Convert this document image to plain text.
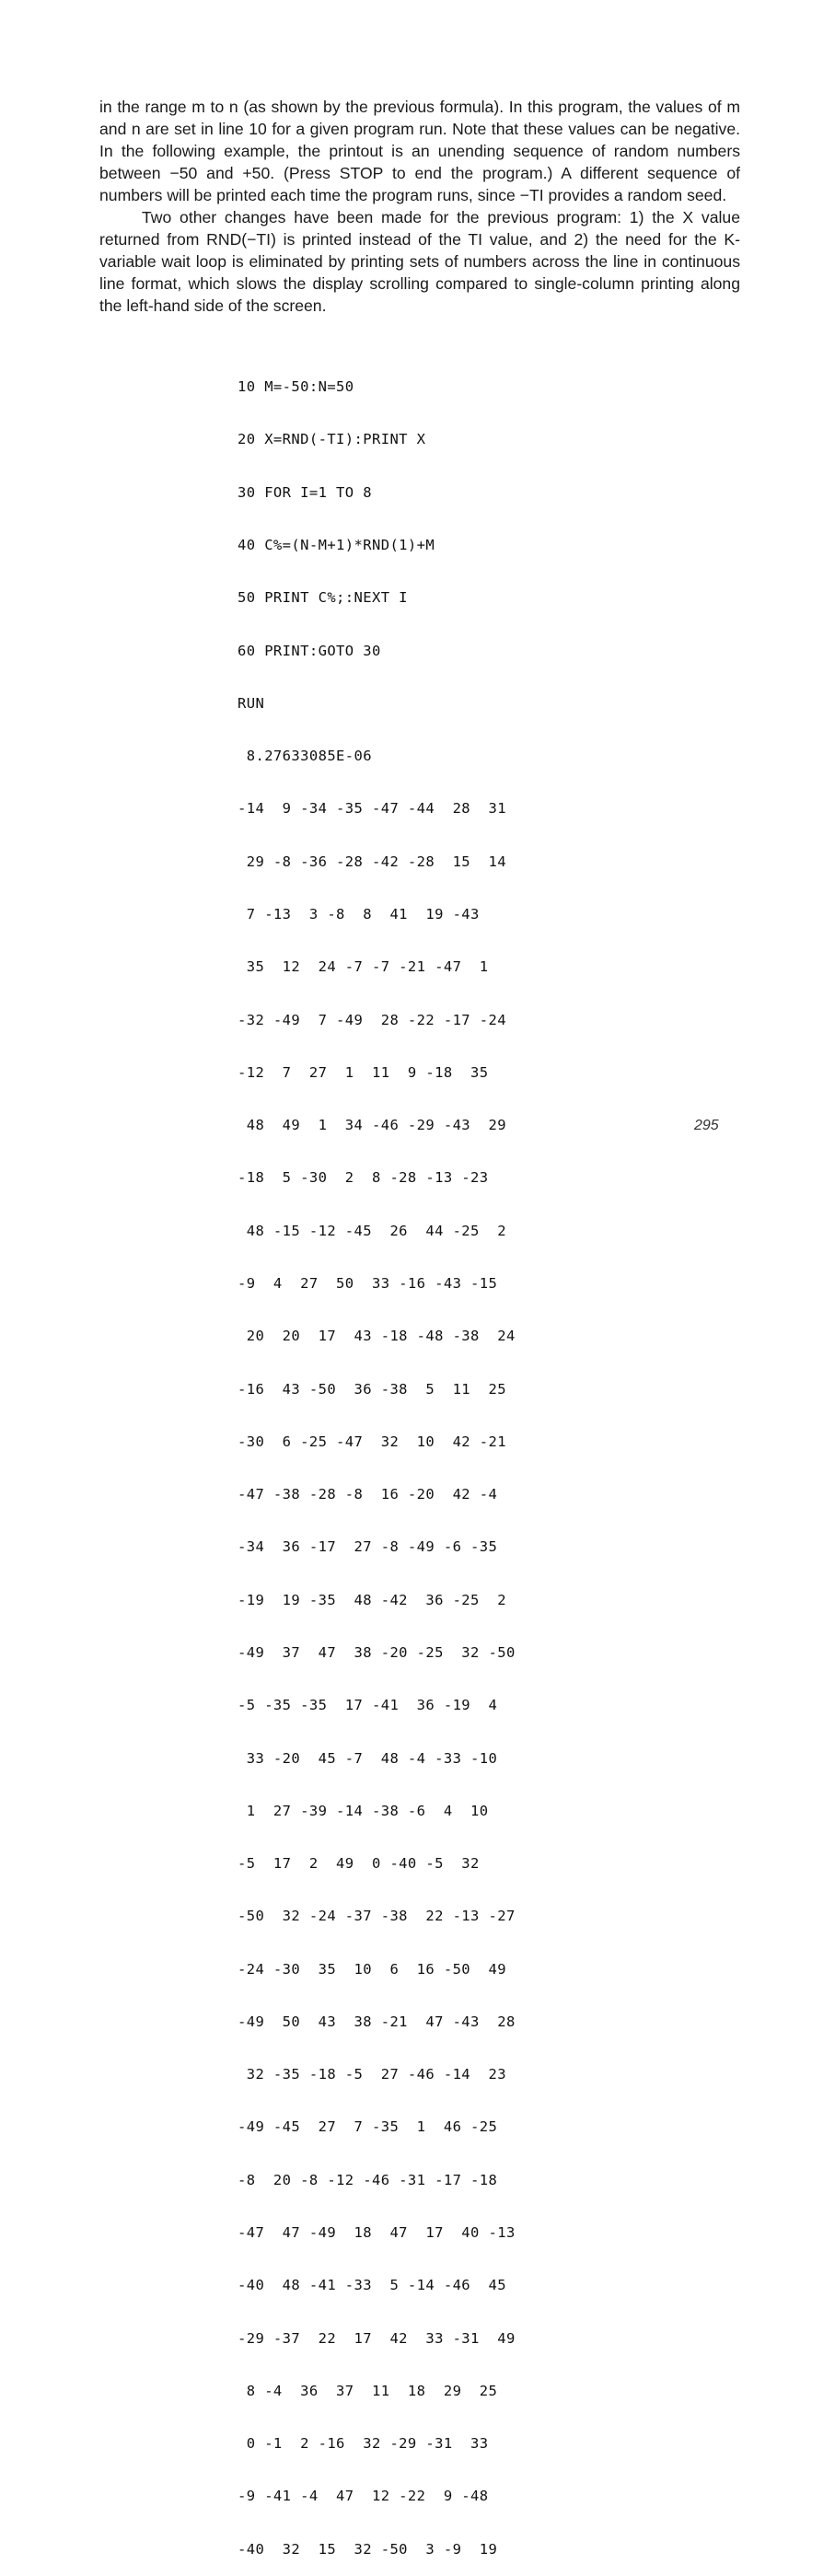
in the range m to n (as shown by the previous formula). In this program, the values of m and n are set in line 10 for a given program run. Note that these values can be negative. In the following example, the printout is an unending sequence of random numbers between −50 and +50. (Press STOP to end the program.) A different sequence of numbers will be printed each time the program runs, since −TI provides a random seed.

Two other changes have been made for the previous program: 1) the X value returned from RND(−TI) is printed instead of the TI value, and 2) the need for the K-variable wait loop is eliminated by printing sets of numbers across the line in continuous line format, which slows the display scrolling compared to single-column printing along the left-hand side of the screen.

10 M=-50:N=50

20 X=RND(-TI):PRINT X

30 FOR I=1 TO 8

40 C%=(N-M+1)*RND(1)+M

50 PRINT C%;:NEXT I

60 PRINT:GOTO 30

RUN

8.27633085E-06

-14  9 -34 -35 -47 -44  28  31

29 -8 -36 -28 -42 -28  15  14

7 -13  3 -8  8  41  19 -43

35  12  24 -7 -7 -21 -47  1

-32 -49  7 -49  28 -22 -17 -24

-12  7  27  1  11  9 -18  35

48  49  1  34 -46 -29 -43  29

-18  5 -30  2  8 -28 -13 -23

48 -15 -12 -45  26  44 -25  2

-9  4  27  50  33 -16 -43 -15

20  20  17  43 -18 -48 -38  24

-16  43 -50  36 -38  5  11  25

-30  6 -25 -47  32  10  42 -21

-47 -38 -28 -8  16 -20  42 -4

-34  36 -17  27 -8 -49 -6 -35

-19  19 -35  48 -42  36 -25  2

-49  37  47  38 -20 -25  32 -50

-5 -35 -35  17 -41  36 -19  4

33 -20  45 -7  48 -4 -33 -10

1  27 -39 -14 -38 -6  4  10

-5  17  2  49  0 -40 -5  32

-50  32 -24 -37 -38  22 -13 -27

-24 -30  35  10  6  16 -50  49

-49  50  43  38 -21  47 -43  28

32 -35 -18 -5  27 -46 -14  23

-49 -45  27  7 -35  1  46 -25

-8  20 -8 -12 -46 -31 -17 -18

-47  47 -49  18  47  17  40 -13

-40  48 -41 -33  5 -14 -46  45

-29 -37  22  17  42  33 -31  49

8 -4  36  37  11  18  29  25

0 -1  2 -16  32 -29 -31  33

-9 -41 -4  47  12 -22  9 -48

-40  32  15  32 -50  3 -9  19

295
